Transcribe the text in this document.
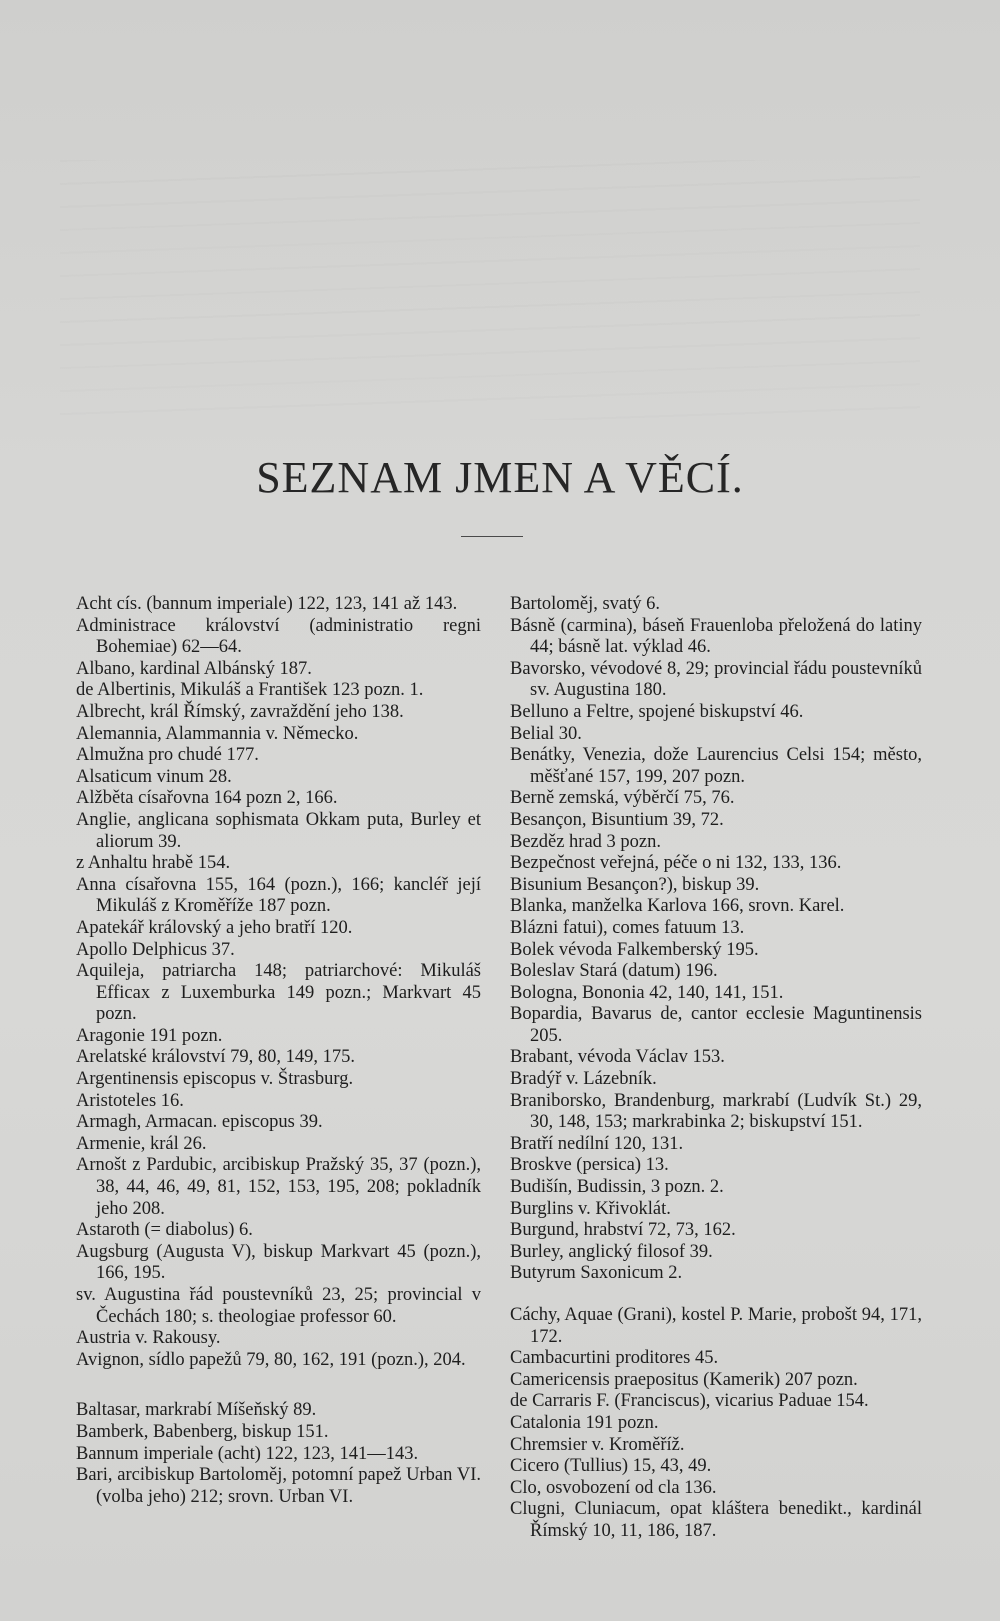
SEZNAM JMEN A VĚCÍ.

Acht cís. (bannum imperiale) 122, 123, 141 až 143.

Administrace království (administratio regni Bohemiae) 62—64.

Albano, kardinal Albánský 187.

de Albertinis, Mikuláš a František 123 pozn. 1.

Albrecht, král Římský, zavraždění jeho 138.

Alemannia, Alammannia v. Německo.

Almužna pro chudé 177.

Alsaticum vinum 28.

Alžběta císařovna 164 pozn 2, 166.

Anglie, anglicana sophismata Okkam puta, Burley et aliorum 39.

z Anhaltu hrabě 154.

Anna císařovna 155, 164 (pozn.), 166; kancléř její Mikuláš z Kroměříže 187 pozn.

Apatekář královský a jeho bratří 120.

Apollo Delphicus 37.

Aquileja, patriarcha 148; patriarchové: Mikuláš Efficax z Luxemburka 149 pozn.; Markvart 45 pozn.

Aragonie 191 pozn.

Arelatské království 79, 80, 149, 175.

Argentinensis episcopus v. Štrasburg.

Aristoteles 16.

Armagh, Armacan. episcopus 39.

Armenie, král 26.

Arnošt z Pardubic, arcibiskup Pražský 35, 37 (pozn.), 38, 44, 46, 49, 81, 152, 153, 195, 208; pokladník jeho 208.

Astaroth (= diabolus) 6.

Augsburg (Augusta V), biskup Markvart 45 (pozn.), 166, 195.

sv. Augustina řád poustevníků 23, 25; provincial v Čechách 180; s. theologiae professor 60.

Austria v. Rakousy.

Avignon, sídlo papežů 79, 80, 162, 191 (pozn.), 204.

Baltasar, markrabí Míšeňský 89.

Bamberk, Babenberg, biskup 151.

Bannum imperiale (acht) 122, 123, 141—143.

Bari, arcibiskup Bartoloměj, potomní papež Urban VI. (volba jeho) 212; srovn. Urban VI.

Bartoloměj, svatý 6.

Básně (carmina), báseň Frauenloba přeložená do latiny 44; básně lat. výklad 46.

Bavorsko, vévodové 8, 29; provincial řádu poustevníků sv. Augustina 180.

Belluno a Feltre, spojené biskupství 46.

Belial 30.

Benátky, Venezia, dože Laurencius Celsi 154; město, měšťané 157, 199, 207 pozn.

Berně zemská, výběrčí 75, 76.

Besançon, Bisuntium 39, 72.

Bezděz hrad 3 pozn.

Bezpečnost veřejná, péče o ni 132, 133, 136.

Bisunium Besançon?), biskup 39.

Blanka, manželka Karlova 166, srovn. Karel.

Blázni fatui), comes fatuum 13.

Bolek vévoda Falkemberský 195.

Boleslav Stará (datum) 196.

Bologna, Bononia 42, 140, 141, 151.

Bopardia, Bavarus de, cantor ecclesie Maguntinensis 205.

Brabant, vévoda Václav 153.

Bradýř v. Lázebník.

Braniborsko, Brandenburg, markrabí (Ludvík St.) 29, 30, 148, 153; markrabinka 2; biskupství 151.

Bratří nedílní 120, 131.

Broskve (persica) 13.

Budišín, Budissin, 3 pozn. 2.

Burglins v. Křivoklát.

Burgund, hrabství 72, 73, 162.

Burley, anglický filosof 39.

Butyrum Saxonicum 2.

Cáchy, Aquae (Grani), kostel P. Marie, probošt 94, 171, 172.

Cambacurtini proditores 45.

Camericensis praepositus (Kamerik) 207 pozn.

de Carraris F. (Franciscus), vicarius Paduae 154.

Catalonia 191 pozn.

Chremsier v. Kroměříž.

Cicero (Tullius) 15, 43, 49.

Clo, osvobození od cla 136.

Clugni, Cluniacum, opat kláštera benedikt., kardinál Římský 10, 11, 186, 187.
